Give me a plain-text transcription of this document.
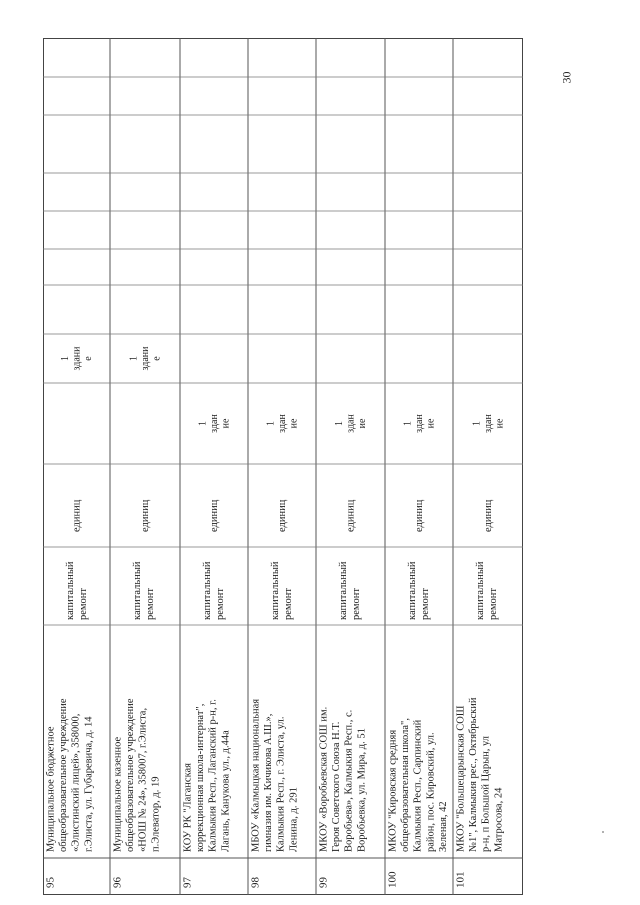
30
95
Муниципальное бюджетное общеобразовательное учреждение «Элистинский лицей», 358000, г.Элиста, ул. Губаревича, д. 14
капитальный ремонт
единиц
1 здани е
96
Муниципальное казенное общеобразовательное учреждение «НОШ № 24», 358007, г.Элиста, п.Элеватор, д. 19
капитальный ремонт
единиц
1 здани е
97
КОУ РК "Лаганская коррекционная школа-интернат", Калмыкия Респ., Лаганский р-н, г. Лагань, Канукова ул., д.44а
капитальный ремонт
единиц
1 здан ие
98
МБОУ «Калмыцкая национальная гимназия им. Кичикова А.Ш.», Калмыкия Респ., г. Элиста, ул. Ленина, д. 291
капитальный ремонт
единиц
1 здан ие
99
МКОУ «Воробьевская СОШ им. Героя Советского Союза Н.Т. Воробьева», Калмыкия Респ., с. Воробьевка, ул. Мира, д. 51
капитальный ремонт
единиц
1 здан ие
100
МКОУ "Кировская средняя общеобразовательная школа", Калмыкия Респ., Сарпинский район, пос. Кировский, ул. Зеленая, 42
капитальный ремонт
единиц
1 здан ие
101
МКОУ "Большецарынская СОШ №1", Калмыкия рес., Октябрьский р-н, п Большой Царын, ул Матросова, 24
капитальный ремонт
единиц
1 здан ие
